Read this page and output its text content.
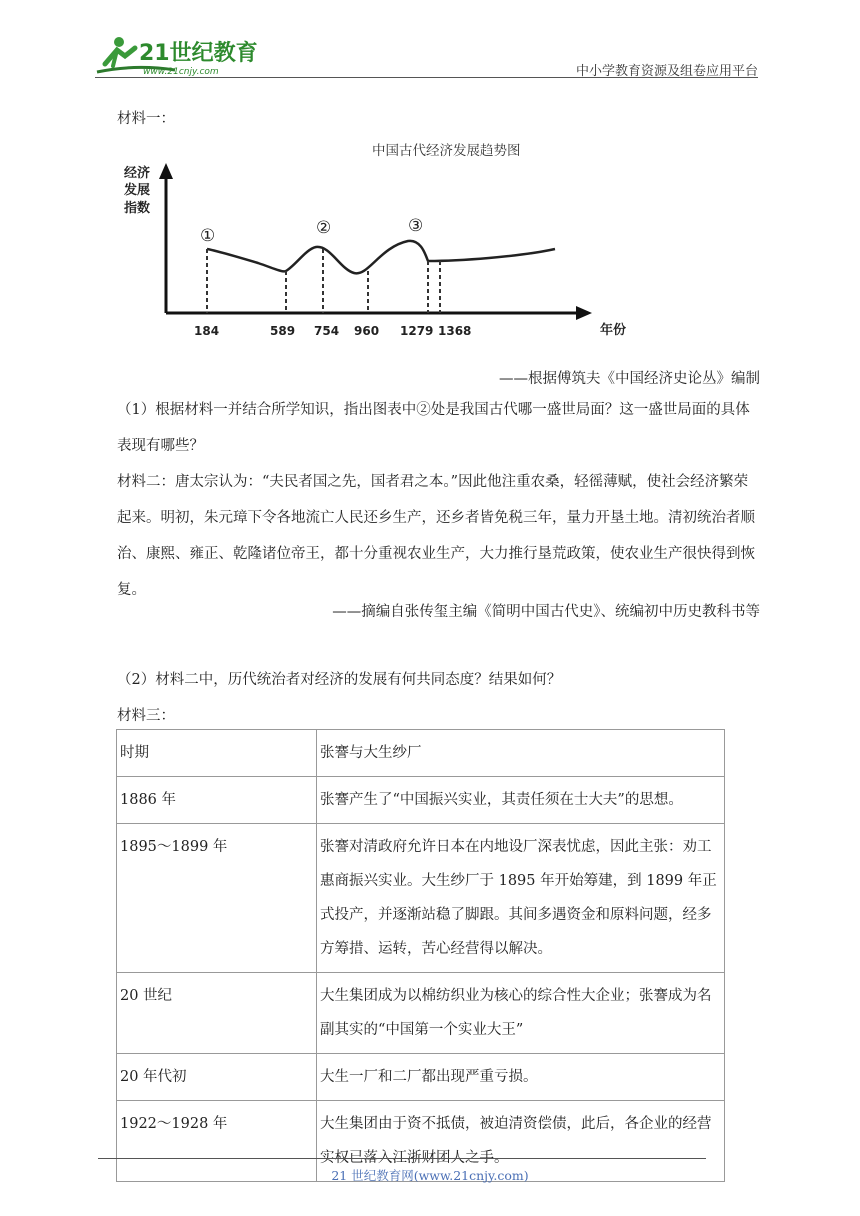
21世纪教育
www.21cnjy.com	中小学教育资源及组卷应用平台
材料一：
中国古代经济发展趋势图
经济
发展
指数
年份
184	589 754 960 1279 1368
①	②	③
——根据傅筑夫《中国经济史论丛》编制
（1）根据材料一并结合所学知识，指出图表中②处是我国古代哪一盛世局面？这一盛世局面的具体表现有哪些？
材料二：唐太宗认为：“夫民者国之先，国者君之本。”因此他注重农桑，轻徭薄赋，使社会经济繁荣起来。明初，朱元璋下令各地流亡人民还乡生产，还乡者皆免税三年，量力开垦土地。清初统治者顺治、康熙、雍正、乾隆诸位帝王，都十分重视农业生产，大力推行垦荒政策，使农业生产很快得到恢复。
——摘编自张传玺主编《简明中国古代史》、统编初中历史教科书等
（2）材料二中，历代统治者对经济的发展有何共同态度？结果如何？
材料三：
时期	张謇与大生纱厂
1886 年	张謇产生了“中国振兴实业，其责任须在士大夫”的思想。
1895～1899 年	张謇对清政府允许日本在内地设厂深表忧虑，因此主张：劝工惠商振兴实业。大生纱厂于 1895 年开始筹建，到 1899 年正式投产，并逐渐站稳了脚跟。其间多遇资金和原料问题，经多方筹措、运转，苦心经营得以解决。
20 世纪	大生集团成为以棉纺织业为核心的综合性大企业；张謇成为名副其实的“中国第一个实业大王”
20 年代初	大生一厂和二厂都出现严重亏损。
1922～1928 年	大生集团由于资不抵债，被迫清资偿债，此后，各企业的经营实权已落入江浙财团人之手。
21 世纪教育网(www.21cnjy.com)
